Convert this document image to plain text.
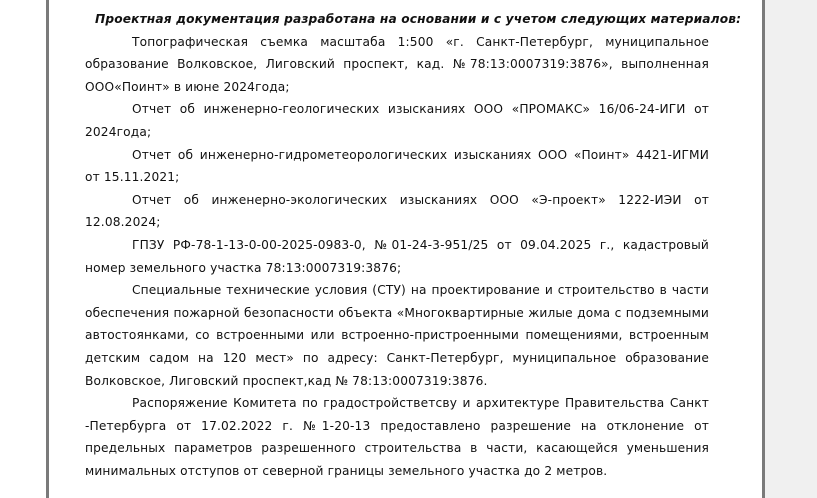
Проектная документация разработана на основании и с учетом следующих материалов:

Топографическая съемка масштаба 1:500 «г. Санкт-Петербург, муниципальное образование Волковское, Лиговский проспект, кад. №78:13:0007319:3876», выполненная ООО«Поинт» в июне 2024года;

Отчет об инженерно-геологических изысканиях ООО «ПРОМАКС» 16/06-24-ИГИ от 2024года;

Отчет об инженерно-гидрометеорологических изысканиях ООО «Поинт» 4421-ИГМИ от 15.11.2021;

Отчет об инженерно-экологических изысканиях ООО «Э-проект» 1222-ИЭИ от 12.08.2024;

ГПЗУ РФ-78-1-13-0-00-2025-0983-0, №01-24-3-951/25 от 09.04.2025 г., кадастровый номер земельного участка 78:13:0007319:3876;

Специальные технические условия (СТУ) на проектирование и строительство в части обеспечения пожарной безопасности объекта «Многоквартирные жилые дома с подземными автостоянками, со встроенными или встроенно-пристроенными помещениями, встроенным детским садом на 120 мест» по адресу: Санкт-Петербург, муниципальное образование Волковское, Лиговский проспект,кад № 78:13:0007319:3876.

Распоряжение Комитета по градостройстветсву и архитектуре Правительства Санкт -Петербурга от 17.02.2022 г. №1-20-13 предоставлено разрешение на отклонение от предельных параметров разрешенного строительства в части, касающейся уменьшения минимальных отступов от северной границы земельного участка до 2 метров.
